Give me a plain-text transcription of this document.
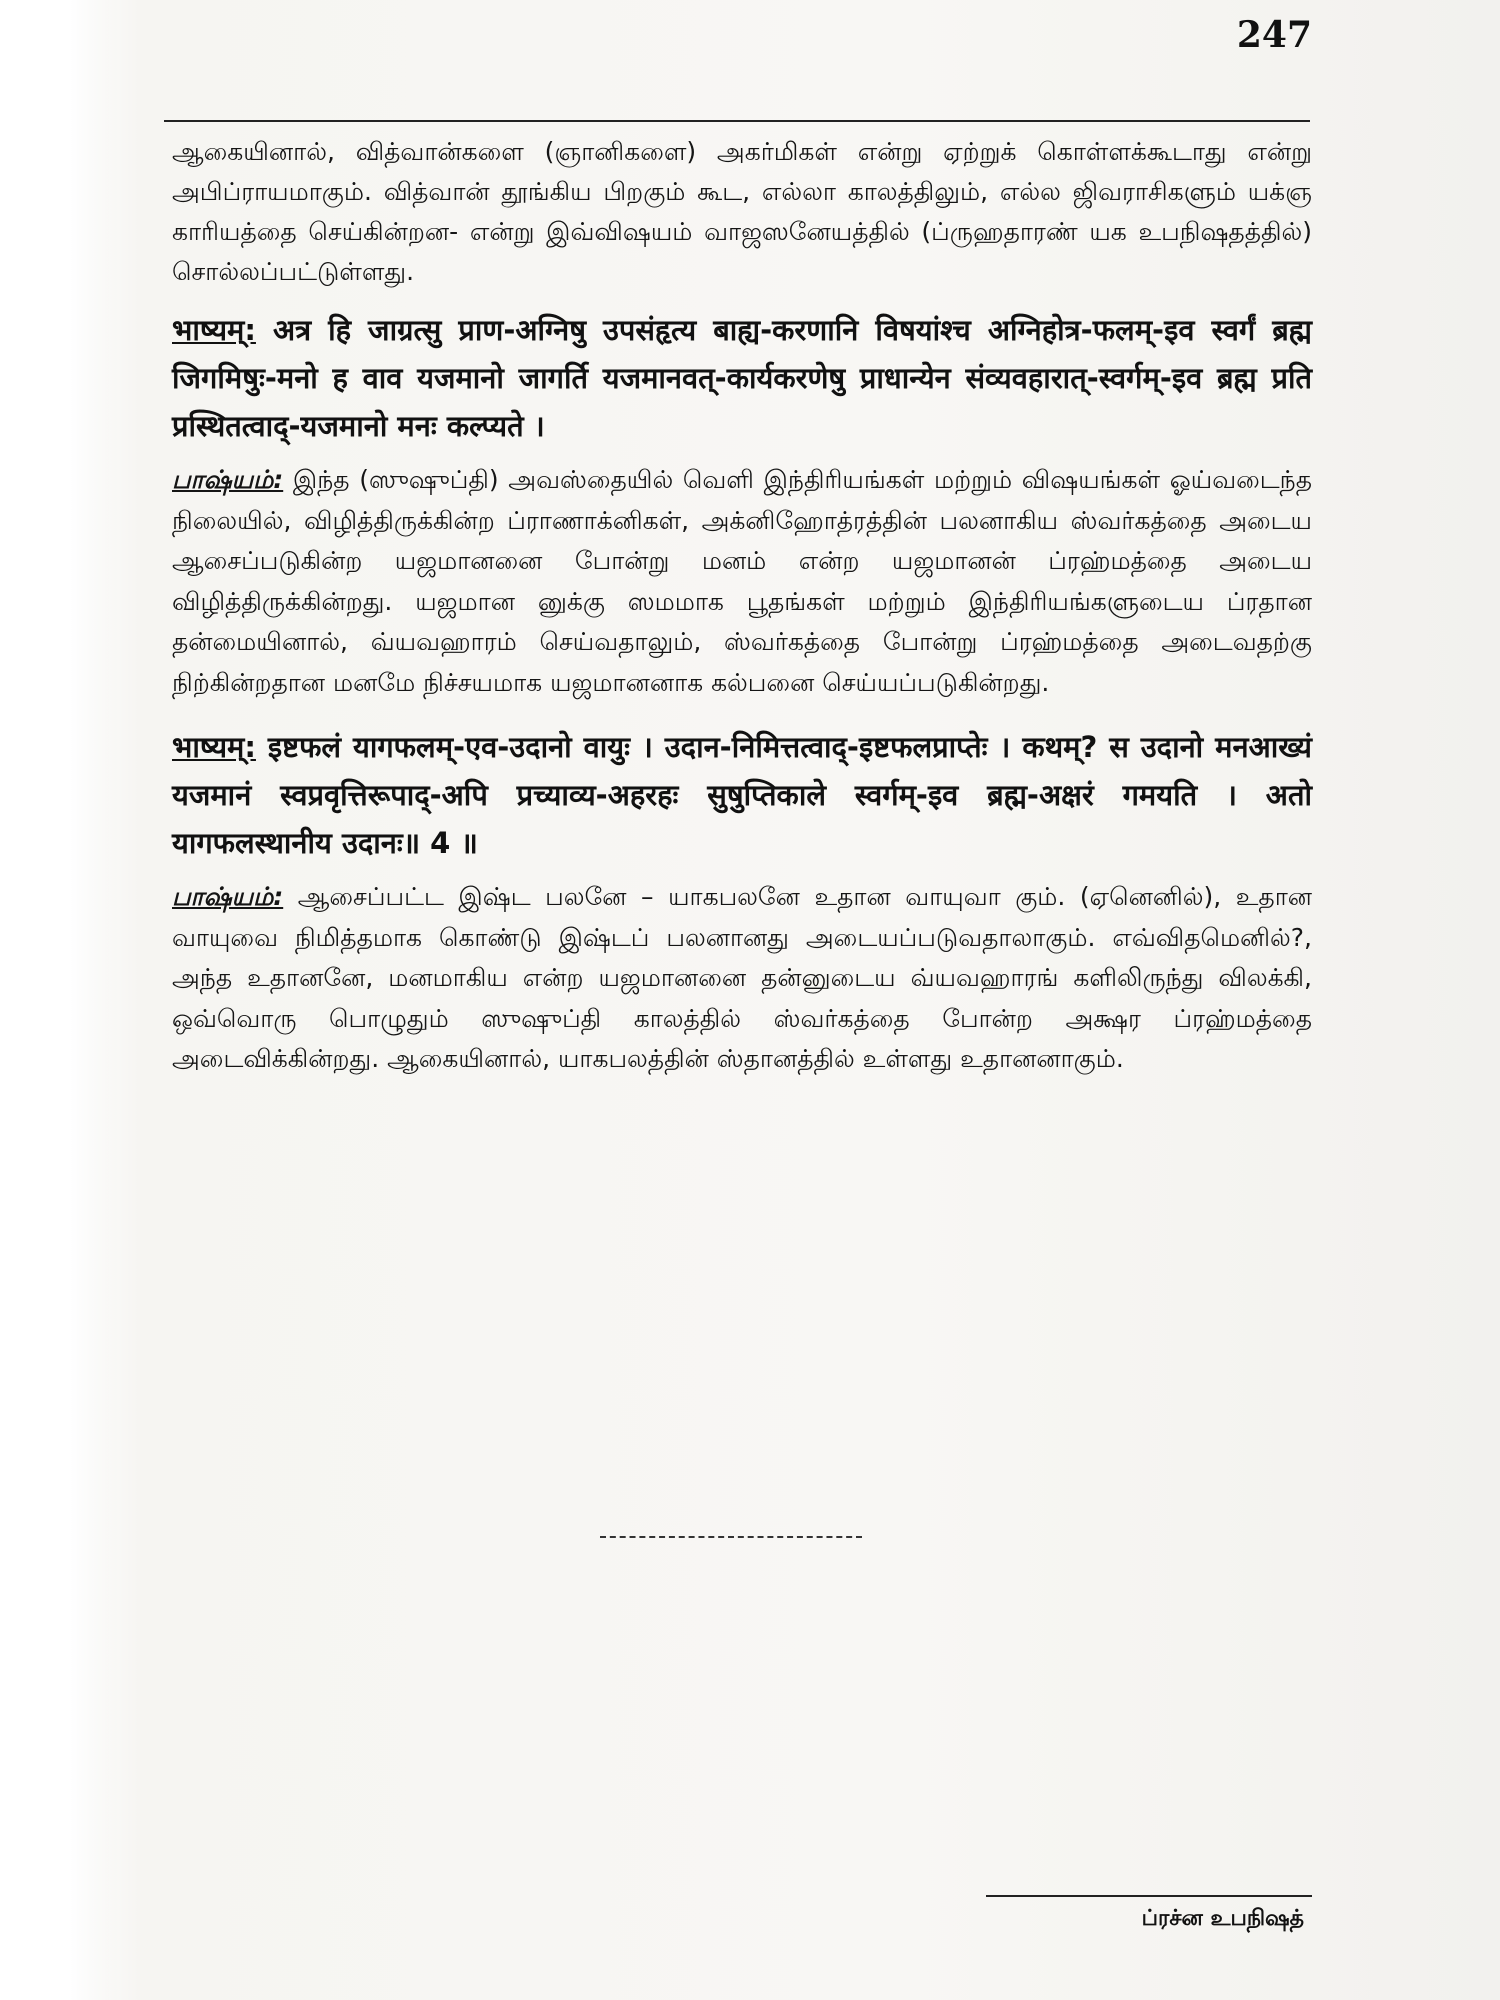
247

ஆகையினால், வித்வான்களை (ஞானிகளை) அகர்மிகள் என்று ஏற்றுக் கொள்ளக்கூடாது என்று அபிப்ராயமாகும். வித்வான் தூங்கிய பிறகும் கூட, எல்லா காலத்திலும், எல்ல ஜிவராசிகளும் யக்ஞ காரியத்தை செய்கின்றன- என்று இவ்விஷயம் வாஜஸனேயத்தில் (ப்ருஹதாரண் யக உபநிஷதத்தில்) சொல்லப்பட்டுள்ளது.

भाष्यम्: अत्र हि जाग्रत्सु प्राण-अग्निषु उपसंहृत्य बाह्य-करणानि विषयांश्च अग्निहोत्र-फलम्-इव स्वर्गं ब्रह्म जिगमिषुः-मनो ह वाव यजमानो जागर्ति यजमानवत्-कार्यकरणेषु प्राधान्येन संव्यवहारात्-स्वर्गम्-इव ब्रह्म प्रति प्रस्थितत्वाद्-यजमानो मनः कल्प्यते ।

பாஷ்யம்: இந்த (ஸுஷுப்தி) அவஸ்தையில் வெளி இந்திரியங்கள் மற்றும் விஷயங்கள் ஓய்வடைந்த நிலையில், விழித்திருக்கின்ற ப்ராணாக்னிகள், அக்னிஹோத்ரத்தின் பலனாகிய ஸ்வர்கத்தை அடைய ஆசைப்படுகின்ற யஜமானனை போன்று மனம் என்ற யஜமானன் ப்ரஹ்மத்தை அடைய விழித்திருக்கின்றது. யஜமான னுக்கு ஸமமாக பூதங்கள் மற்றும் இந்திரியங்களுடைய ப்ரதான தன்மையினால், வ்யவஹாரம் செய்வதாலும், ஸ்வர்கத்தை போன்று ப்ரஹ்மத்தை அடைவதற்கு நிற்கின்றதான மனமே நிச்சயமாக யஜமானனாக கல்பனை செய்யப்படுகின்றது.

भाष्यम्: इष्टफलं यागफलम्-एव-उदानो वायुः । उदान-निमित्तत्वाद्-इष्टफलप्राप्तेः । कथम्? स उदानो मनआख्यं यजमानं स्वप्रवृत्तिरूपाद्-अपि प्रच्याव्य-अहरहः सुषुप्तिकाले स्वर्गम्-इव ब्रह्म-अक्षरं गमयति । अतो यागफलस्थानीय उदानः॥ 4 ॥

பாஷ்யம்: ஆசைப்பட்ட இஷ்ட பலனே – யாகபலனே உதான வாயுவா கும். (ஏனெனில்), உதான வாயுவை நிமித்தமாக கொண்டு இஷ்டப் பலனானது அடையப்படுவதாலாகும். எவ்விதமெனில்?, அந்த உதானனே, மனமாகிய என்ற யஜமானனை தன்னுடைய வ்யவஹாரங் களிலிருந்து விலக்கி, ஒவ்வொரு பொழுதும் ஸுஷுப்தி காலத்தில் ஸ்வர்கத்தை போன்ற அக்ஷர ப்ரஹ்மத்தை அடைவிக்கின்றது. ஆகையினால், யாகபலத்தின் ஸ்தானத்தில் உள்ளது உதானனாகும்.

ப்ரச்ன உபநிஷத்
